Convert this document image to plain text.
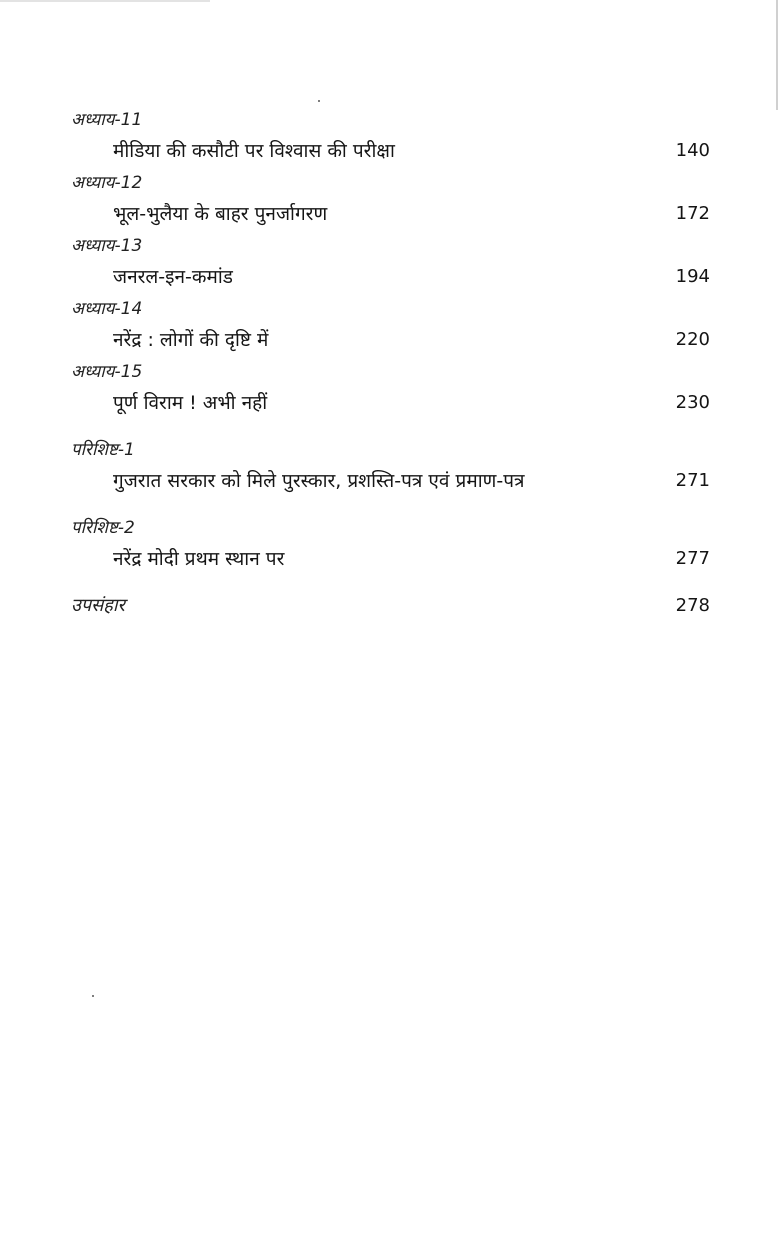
अध्याय-11
मीडिया की कसौटी पर विश्वास की परीक्षा	140
अध्याय-12
भूल-भुलैया के बाहर पुनर्जागरण	172
अध्याय-13
जनरल-इन-कमांड	194
अध्याय-14
नरेंद्र : लोगों की दृष्टि में	220
अध्याय-15
पूर्ण विराम ! अभी नहीं	230
परिशिष्ट-1
गुजरात सरकार को मिले पुरस्कार, प्रशस्ति-पत्र एवं प्रमाण-पत्र	271
परिशिष्ट-2
नरेंद्र मोदी प्रथम स्थान पर	277
उपसंहार	278
